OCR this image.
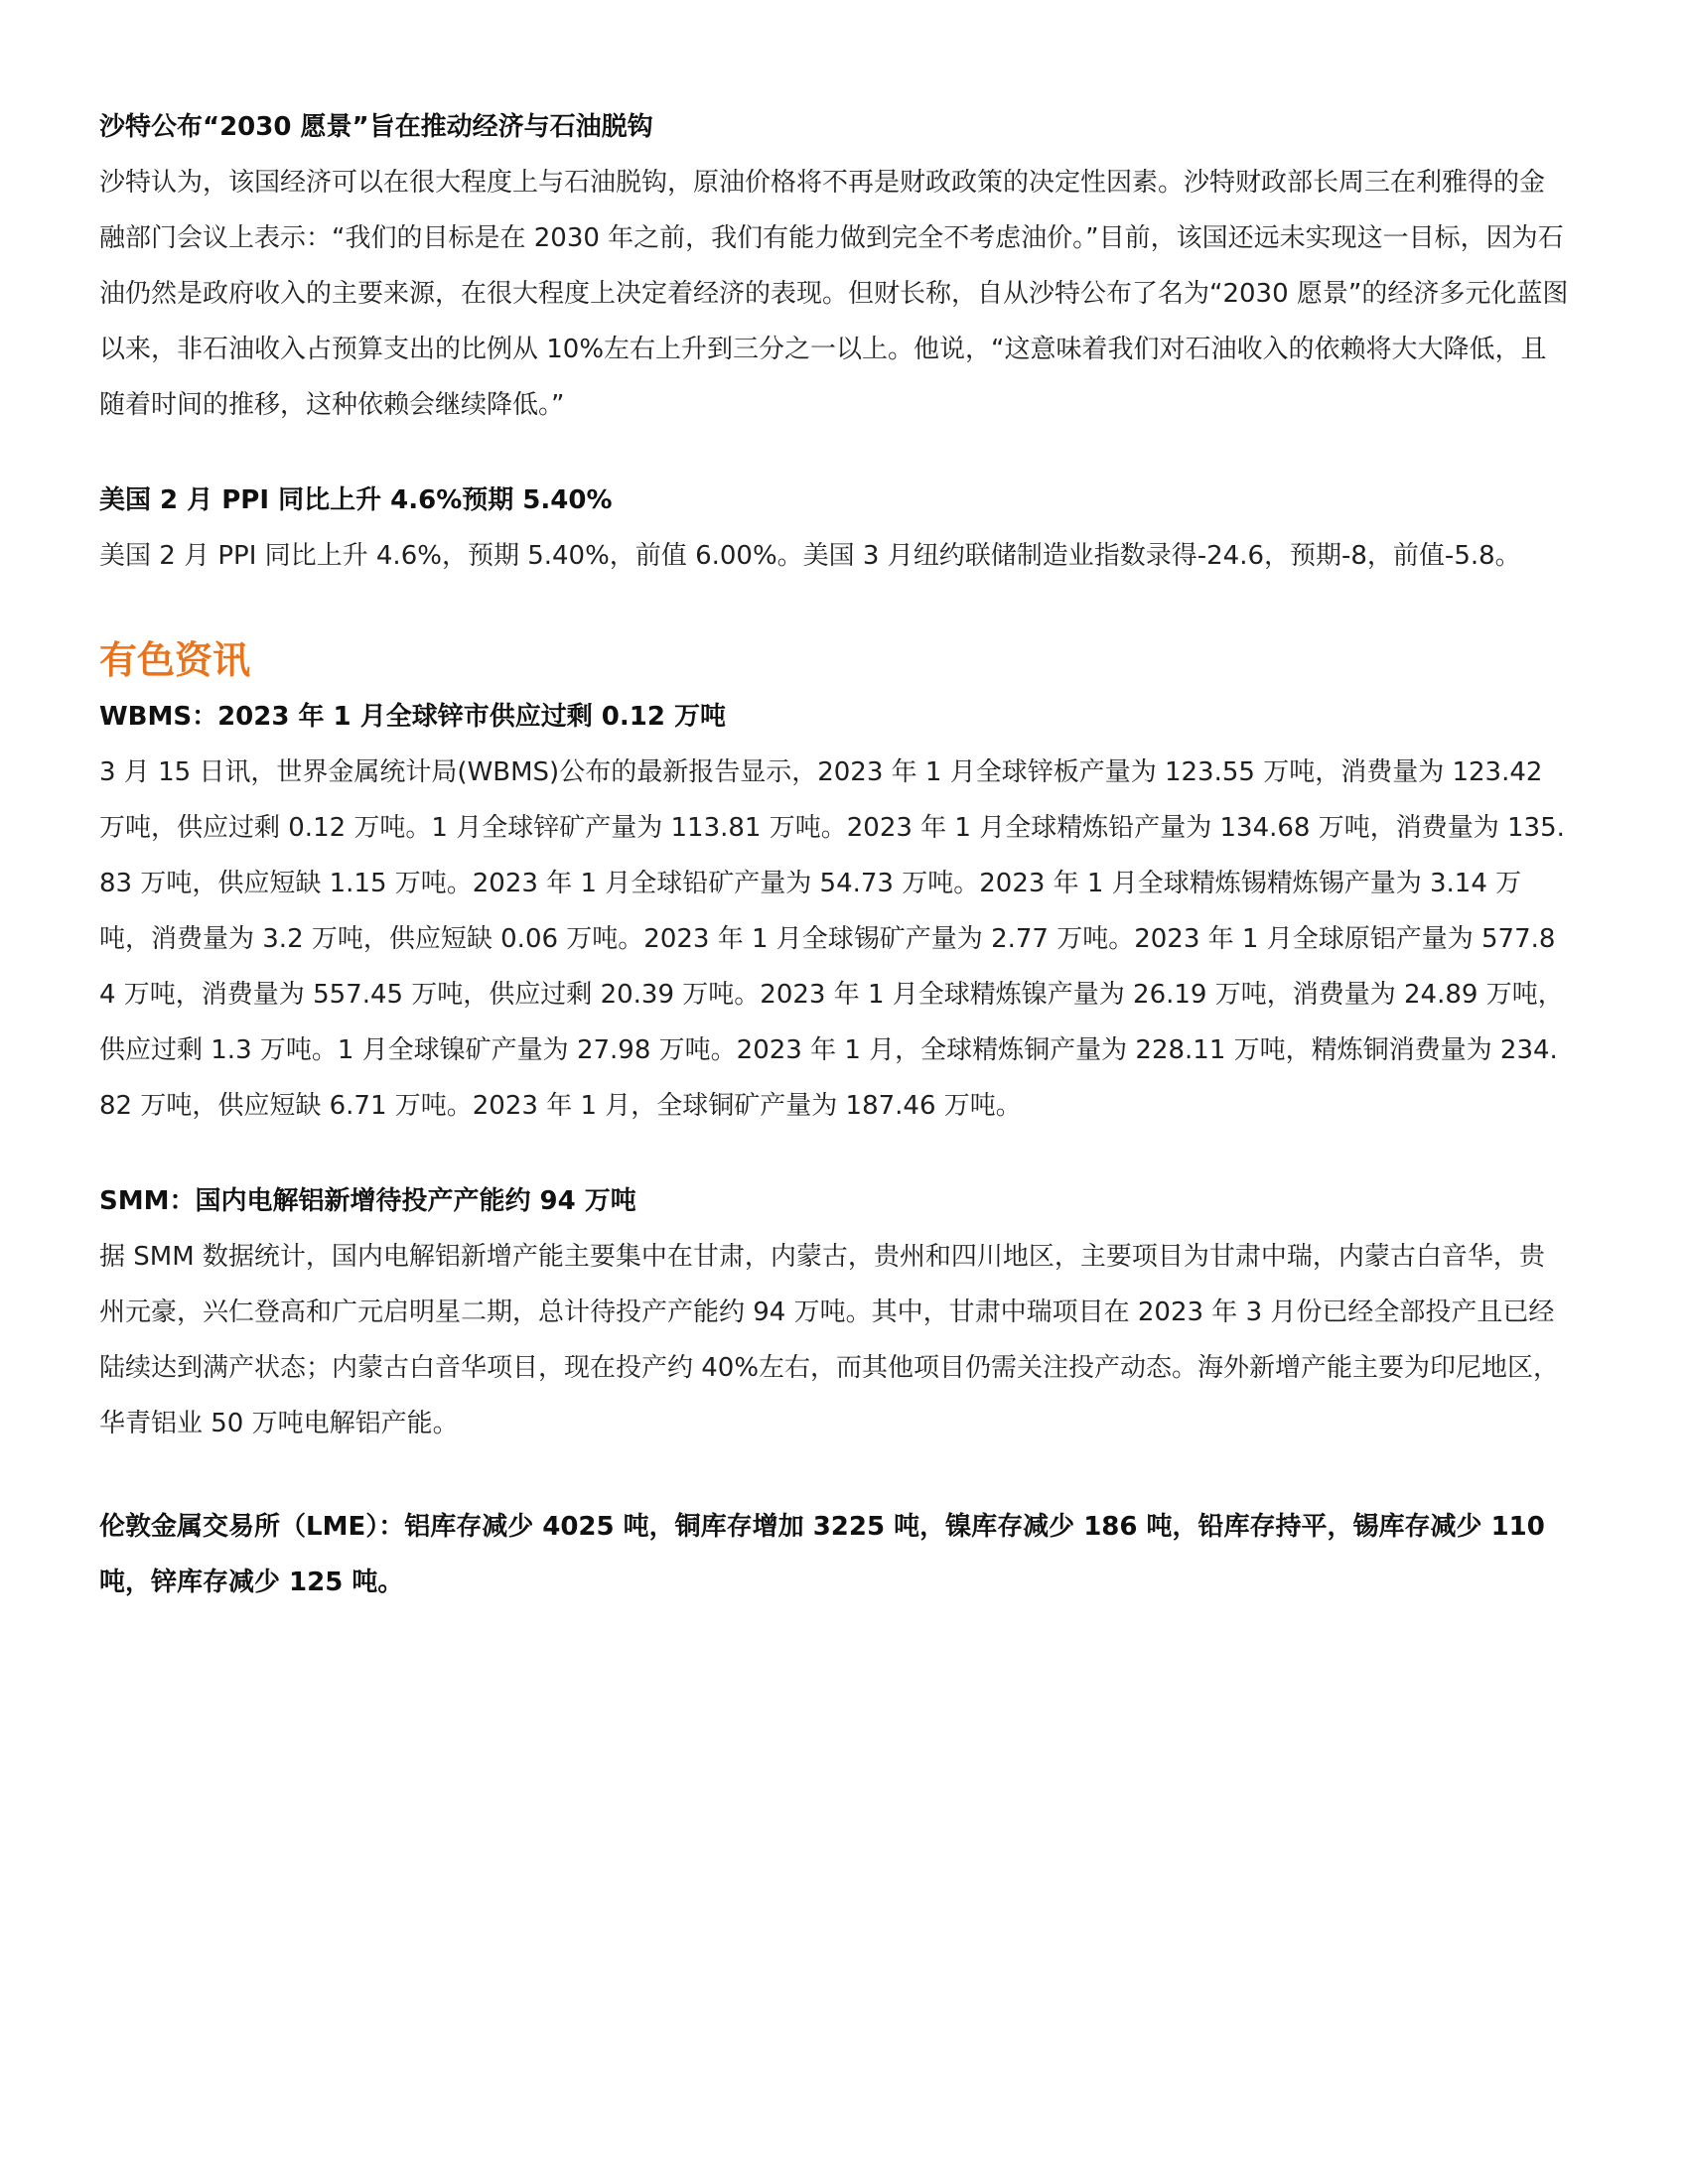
沙特公布“2030 愿景”旨在推动经济与石油脱钩

沙特认为，该国经济可以在很大程度上与石油脱钩，原油价格将不再是财政政策的决定性因素。沙特财政部长周三在利雅得的金融部门会议上表示：“我们的目标是在 2030 年之前，我们有能力做到完全不考虑油价。”目前，该国还远未实现这一目标，因为石油仍然是政府收入的主要来源，在很大程度上决定着经济的表现。但财长称，自从沙特公布了名为“2030 愿景”的经济多元化蓝图以来，非石油收入占预算支出的比例从 10%左右上升到三分之一以上。他说，“这意味着我们对石油收入的依赖将大大降低，且随着时间的推移，这种依赖会继续降低。”

美国 2 月 PPI 同比上升 4.6%预期 5.40%

美国 2 月 PPI 同比上升 4.6%，预期 5.40%，前值 6.00%。美国 3 月纽约联储制造业指数录得-24.6，预期-8，前值-5.8。

有色资讯

WBMS：2023 年 1 月全球锌市供应过剩 0.12 万吨

3 月 15 日讯，世界金属统计局(WBMS)公布的最新报告显示，2023 年 1 月全球锌板产量为 123.55 万吨，消费量为 123.42 万吨，供应过剩 0.12 万吨。1 月全球锌矿产量为 113.81 万吨。2023 年 1 月全球精炼铅产量为 134.68 万吨，消费量为 135.83 万吨，供应短缺 1.15 万吨。2023 年 1 月全球铅矿产量为 54.73 万吨。2023 年 1 月全球精炼锡精炼锡产量为 3.14 万吨，消费量为 3.2 万吨，供应短缺 0.06 万吨。2023 年 1 月全球锡矿产量为 2.77 万吨。2023 年 1 月全球原铝产量为 577.84 万吨，消费量为 557.45 万吨，供应过剩 20.39 万吨。2023 年 1 月全球精炼镍产量为 26.19 万吨，消费量为 24.89 万吨，供应过剩 1.3 万吨。1 月全球镍矿产量为 27.98 万吨。2023 年 1 月，全球精炼铜产量为 228.11 万吨，精炼铜消费量为 234.82 万吨，供应短缺 6.71 万吨。2023 年 1 月，全球铜矿产量为 187.46 万吨。

SMM：国内电解铝新增待投产产能约 94 万吨

据 SMM 数据统计，国内电解铝新增产能主要集中在甘肃，内蒙古，贵州和四川地区，主要项目为甘肃中瑞，内蒙古白音华，贵州元豪，兴仁登高和广元启明星二期，总计待投产产能约 94 万吨。其中，甘肃中瑞项目在 2023 年 3 月份已经全部投产且已经陆续达到满产状态；内蒙古白音华项目，现在投产约 40%左右，而其他项目仍需关注投产动态。海外新增产能主要为印尼地区，华青铝业 50 万吨电解铝产能。

伦敦金属交易所（LME）：铝库存减少 4025 吨，铜库存增加 3225 吨，镍库存减少 186 吨，铅库存持平，锡库存减少 110 吨，锌库存减少 125 吨。
